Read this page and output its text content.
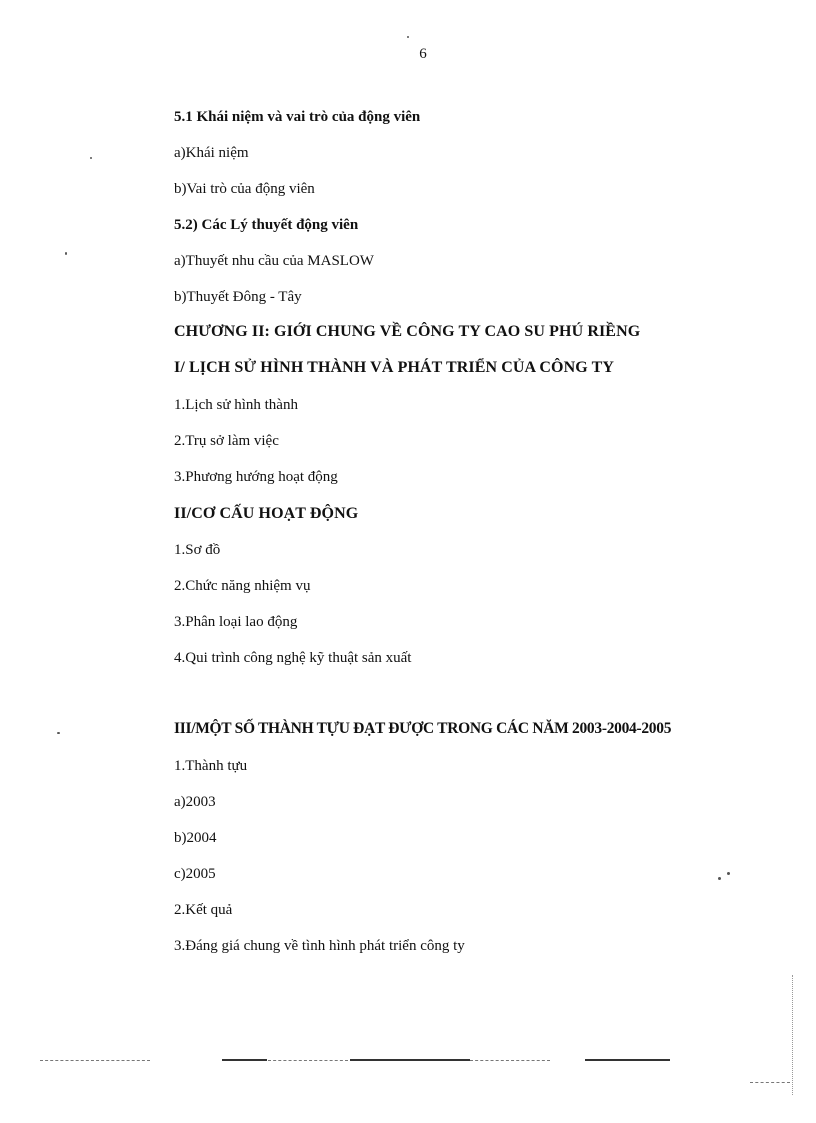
6
5.1 Khái niệm và vai trò của động viên
a)Khái niệm
b)Vai trò của động viên
5.2) Các Lý thuyết động viên
a)Thuyết nhu cầu của MASLOW
b)Thuyết Đông - Tây
CHƯƠNG II: GIỚI CHUNG VỀ CÔNG TY CAO SU PHÚ RIỀNG
I/ LỊCH SỬ HÌNH THÀNH VÀ PHÁT TRIỂN CỦA CÔNG TY
1.Lịch sử hình thành
2.Trụ sở làm việc
3.Phương hướng hoạt động
II/CƠ CẤU HOẠT ĐỘNG
1.Sơ đồ
2.Chức năng nhiệm vụ
3.Phân loại lao động
4.Qui trình công nghệ kỹ thuật sản xuất
III/MỘT SỐ THÀNH TỰU ĐẠT ĐƯỢC TRONG CÁC NĂM 2003-2004-2005
1.Thành tựu
a)2003
b)2004
c)2005
2.Kết quả
3.Đáng giá chung về tình hình phát triển công ty
